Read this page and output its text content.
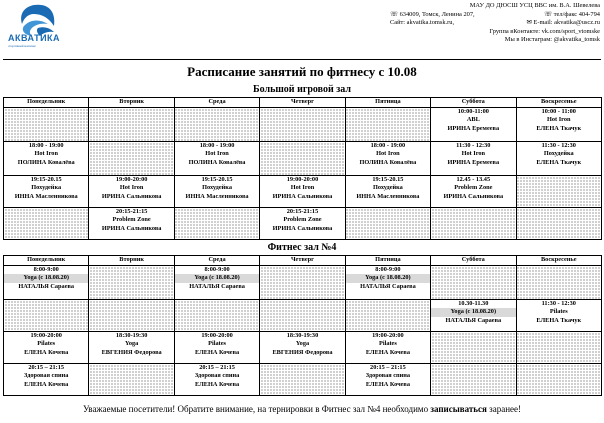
АКВАТИКА
спортивный комплекс
МАУ ДО ДЮСШ УСЦ ВВС им. В.А. Шевелева
☏ 634009, Томск, Ленина 207,	☏ тел/факс 404-794
Сайт: akvatika.tomsk.ru,	✉ E-mail: akvatika@uscz.ru
Группа вКонтакте: vk.com/sport_vtomske
Мы в Инстаграм: @akvatika_tomsk
Расписание занятий по фитнесу с 10.08
Большой игровой зал
Понедельник	Вторник	Среда	Четверг	Пятница	Суббота	Воскресенье

					10:00-11:00
ABL
ИРИНА Еремеева	10:00 - 11:00
Hot Iron
ЕЛЕНА Ткачук

18:00 - 19:00
Hot Iron
ПОЛИНА Ковалёва		18:00 - 19:00
Hot Iron
ПОЛИНА Ковалёва		18:00 - 19:00
Hot Iron
ПОЛИНА Ковалёва	11:30 - 12:30
Hot Iron
ИРИНА Еремеева	11:30 - 12:30
Похудейка
ЕЛЕНА Ткачук

19:15-20.15
Похудейка
ИННА Масленникова	19:00-20:00
Hot Iron
ИРИНА Сальникова	19:15-20.15
Похудейка
ИННА Масленникова	19:00-20:00
Hot Iron
ИРИНА Сальникова	19:15-20.15
Похудейка
ИННА Масленникова	12.45 - 13.45
Problem Zone
ИРИНА Сальникова	

	20:15-21:15
Problem Zone
ИРИНА Сальникова		20:15-21:15
Problem Zone
ИРИНА Сальникова			

Фитнес зал №4
Понедельник	Вторник	Среда	Четверг	Пятница	Суббота	Воскресенье

8:00-9:00
Yoga (с 18.08.20)
НАТАЛЬЯ Сараева		8:00-9:00
Yoga (с 18.08.20)
НАТАЛЬЯ Сараева		8:00-9:00
Yoga (с 18.08.20)
НАТАЛЬЯ Сараева		

					10.30-11.30
Yoga (с 18.08.20)
НАТАЛЬЯ Сараева	11:30 - 12:30
Pilates
ЕЛЕНА Ткачук

19:00-20:00
Pilates
ЕЛЕНА Кочева	18:30-19:30
Yoga
ЕВГЕНИЯ Федорова	19:00-20:00
Pilates
ЕЛЕНА Кочева	18:30-19:30
Yoga
ЕВГЕНИЯ Федорова	19:00-20:00
Pilates
ЕЛЕНА Кочева		

20:15 – 21:15
Здоровая спина
ЕЛЕНА Кочева		20:15 – 21:15
Здоровая спина
ЕЛЕНА Кочева		20:15 – 21:15
Здоровая спина
ЕЛЕНА Кочева		

Уважаемые посетители! Обратите внимание, на тернировки в Фитнес зал №4 необходимо записываться заранее!
